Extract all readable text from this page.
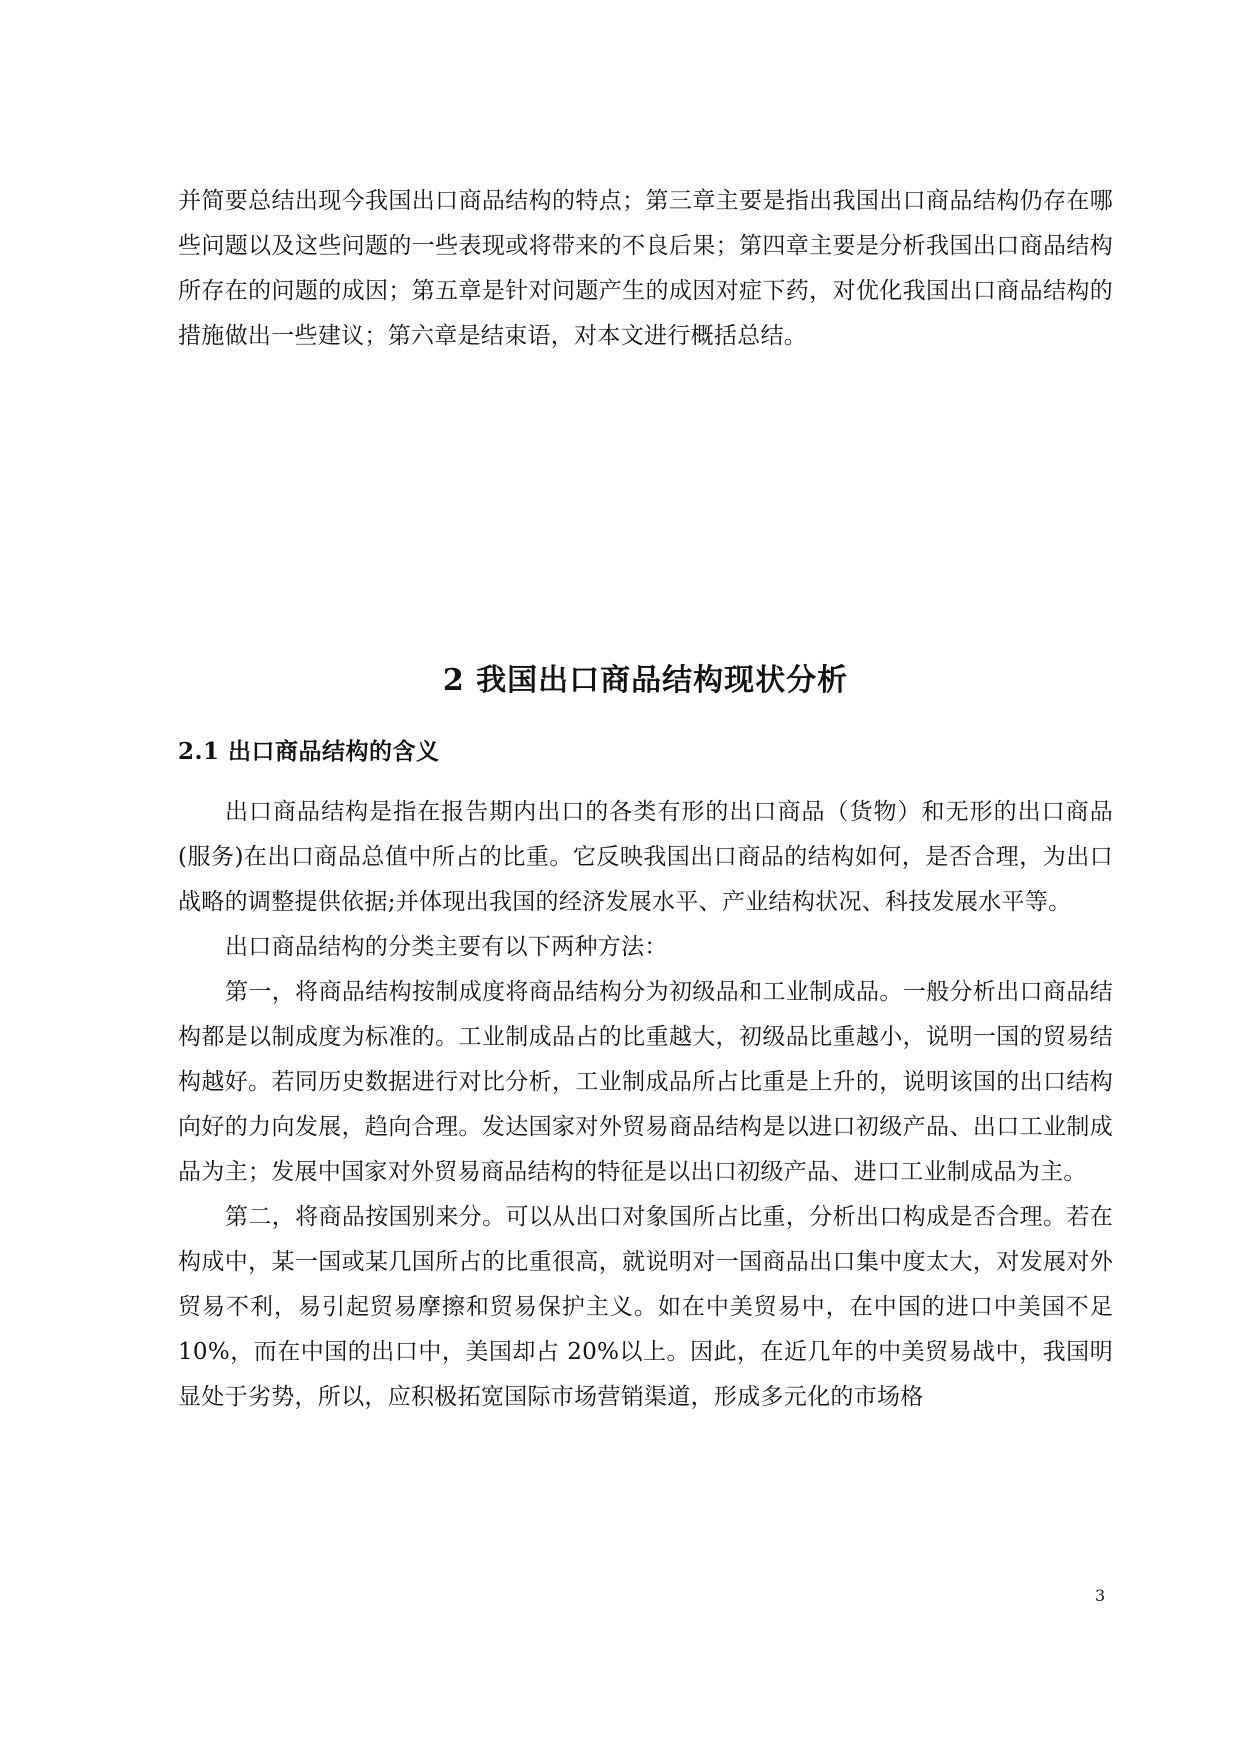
并简要总结出现今我国出口商品结构的特点；第三章主要是指出我国出口商品结构仍存在哪些问题以及这些问题的一些表现或将带来的不良后果；第四章主要是分析我国出口商品结构所存在的问题的成因；第五章是针对问题产生的成因对症下药，对优化我国出口商品结构的措施做出一些建议；第六章是结束语，对本文进行概括总结。

2 我国出口商品结构现状分析
2.1 出口商品结构的含义

出口商品结构是指在报告期内出口的各类有形的出口商品（货物）和无形的出口商品(服务)在出口商品总值中所占的比重。它反映我国出口商品的结构如何，是否合理，为出口战略的调整提供依据;并体现出我国的经济发展水平、产业结构状况、科技发展水平等。

出口商品结构的分类主要有以下两种方法：

第一，将商品结构按制成度将商品结构分为初级品和工业制成品。一般分析出口商品结构都是以制成度为标准的。工业制成品占的比重越大，初级品比重越小，说明一国的贸易结构越好。若同历史数据进行对比分析，工业制成品所占比重是上升的，说明该国的出口结构向好的力向发展，趋向合理。发达国家对外贸易商品结构是以进口初级产品、出口工业制成品为主；发展中国家对外贸易商品结构的特征是以出口初级产品、进口工业制成品为主。

第二，将商品按国别来分。可以从出口对象国所占比重，分析出口构成是否合理。若在构成中，某一国或某几国所占的比重很高，就说明对一国商品出口集中度太大，对发展对外贸易不利，易引起贸易摩擦和贸易保护主义。如在中美贸易中，在中国的进口中美国不足 10%，而在中国的出口中，美国却占 20%以上。因此，在近几年的中美贸易战中，我国明显处于劣势，所以，应积极拓宽国际市场营销渠道，形成多元化的市场格

3
